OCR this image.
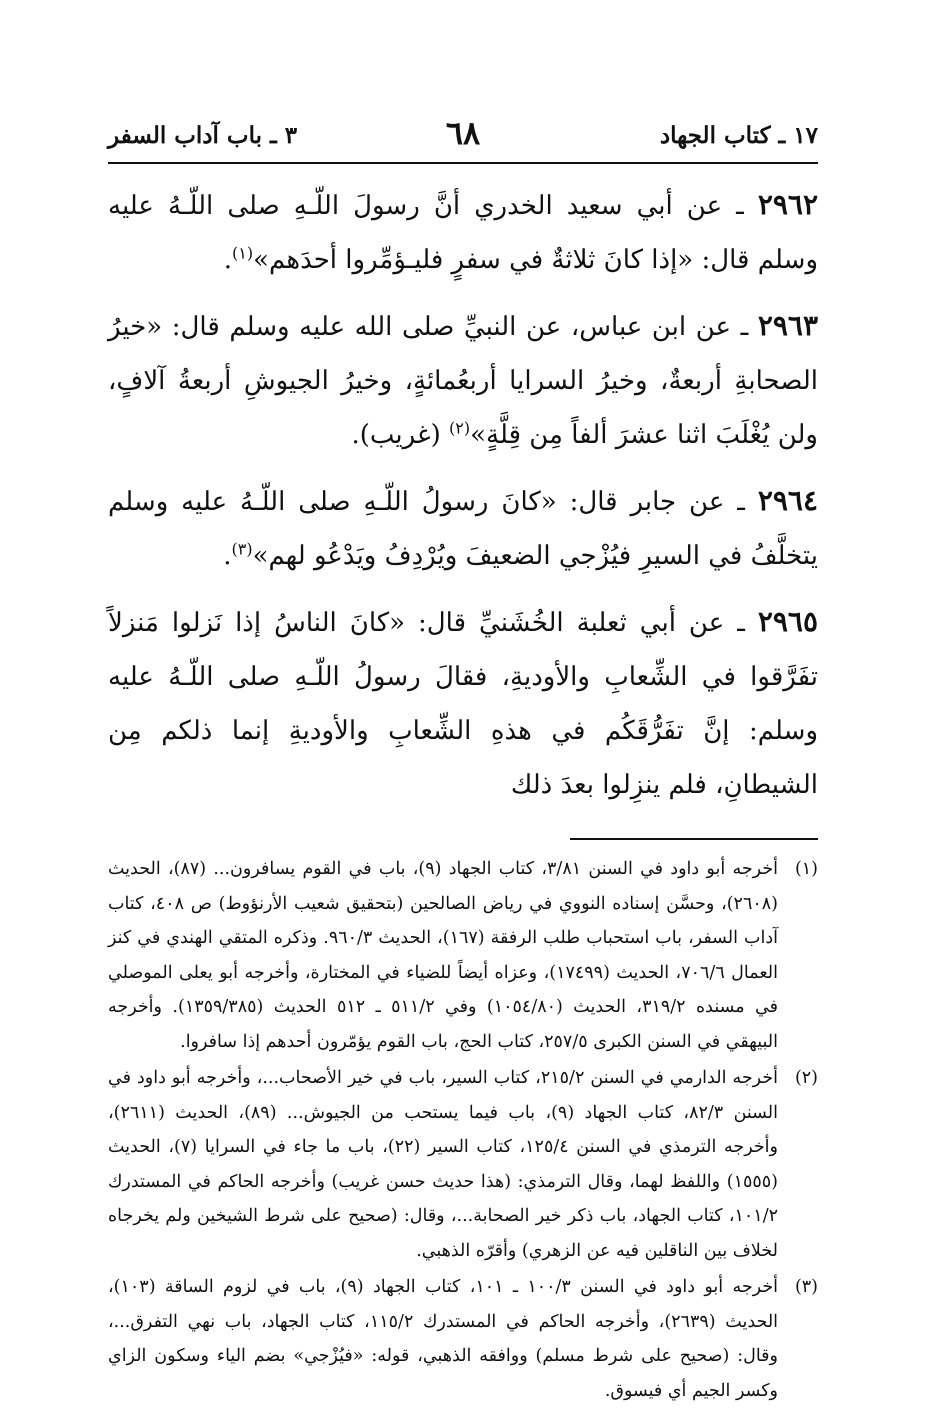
١٧ ـ كتاب الجهاد
٦٨
٣ ـ باب آداب السفر

٢٩٦٢ ـ عن أبي سعيد الخدري أنَّ رسولَ اللّـهِ صلى اللّـهُ عليه وسلم قال: «إذا كانَ ثلاثةٌ في سفرٍ فليـؤمِّروا أحدَهم»$^{(١)}$.

٢٩٦٣ ـ عن ابن عباس، عن النبيِّ صلى الله عليه وسلم قال: «خيرُ الصحابةِ أربعةٌ، وخيرُ السرايا أربعُمائةٍ، وخيرُ الجيوشِ أربعةُ آلافٍ، ولن يُغْلَبَ اثنا عشرَ ألفاً مِن قِلَّةٍ»$^{(٢)}$ (غريب).

٢٩٦٤ ـ عن جابر قال: «كانَ رسولُ اللّـهِ صلى اللّـهُ عليه وسلم يتخلَّفُ في السيرِ فيُزْجي الضعيفَ ويُرْدِفُ ويَدْعُو لهم»$^{(٣)}$.

٢٩٦٥ ـ عن أبي ثعلبة الخُشَنيِّ قال: «كانَ الناسُ إذا نَزلوا مَنزلاً تفَرَّقوا في الشِّعابِ والأوديةِ، فقالَ رسولُ اللّـهِ صلى اللّـهُ عليه وسلم: إنَّ تفَرُّقَكُم في هذهِ الشِّعابِ والأوديةِ إنما ذلكم مِن الشيطانِ، فلم ينزِلوا بعدَ ذلك

(١)
أخرجه أبو داود في السنن ٣/٨١، كتاب الجهاد (٩)، باب في القوم يسافرون... (٨٧)، الحديث (٢٦٠٨)، وحسَّن إسناده النووي في رياض الصالحين (بتحقيق شعيب الأرنؤوط) ص ٤٠٨، كتاب آداب السفر، باب استحباب طلب الرفقة (١٦٧)، الحديث ٩٦٠/٣. وذكره المتقي الهندي في كنز العمال ٧٠٦/٦، الحديث (١٧٤٩٩)، وعزاه أيضاً للضياء في المختارة، وأخرجه أبو يعلى الموصلي في مسنده ٣١٩/٢، الحديث (١٠٥٤/٨٠) وفي ٥١١/٢ ـ ٥١٢ الحديث (١٣٥٩/٣٨٥). وأخرجه البيهقي في السنن الكبرى ٢٥٧/٥، كتاب الحج، باب القوم يؤمّرون أحدهم إذا سافروا.
(٢)
أخرجه الدارمي في السنن ٢١٥/٢، كتاب السير، باب في خير الأصحاب...، وأخرجه أبو داود في السنن ٨٢/٣، كتاب الجهاد (٩)، باب فيما يستحب من الجيوش... (٨٩)، الحديث (٢٦١١)، وأخرجه الترمذي في السنن ١٢٥/٤، كتاب السير (٢٢)، باب ما جاء في السرايا (٧)، الحديث (١٥٥٥) واللفظ لهما، وقال الترمذي: (هذا حديث حسن غريب) وأخرجه الحاكم في المستدرك ١٠١/٢، كتاب الجهاد، باب ذكر خير الصحابة...، وقال: (صحيح على شرط الشيخين ولم يخرجاه لخلاف بين الناقلين فيه عن الزهري) وأقرّه الذهبي.
(٣)
أخرجه أبو داود في السنن ١٠٠/٣ ـ ١٠١، كتاب الجهاد (٩)، باب في لزوم الساقة (١٠٣)، الحديث (٢٦٣٩)، وأخرجه الحاكم في المستدرك ١١٥/٢، كتاب الجهاد، باب نهي التفرق...، وقال: (صحيح على شرط مسلم) ووافقه الذهبي، قوله: «فيُزْجي» بضم الياء وسكون الزاي وكسر الجيم أي فيسوق.
